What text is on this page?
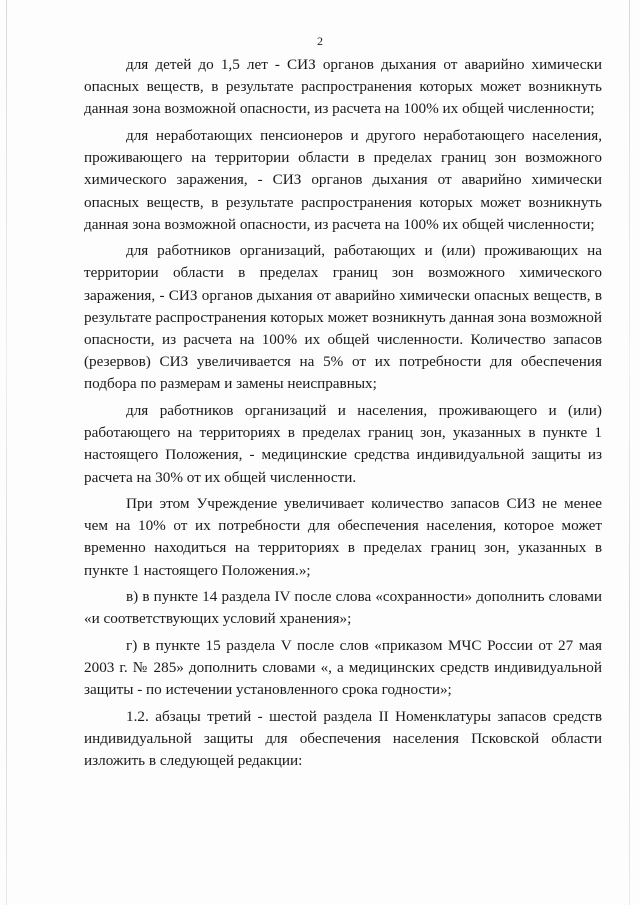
2

для детей до 1,5 лет - СИЗ органов дыхания от аварийно химически опасных веществ, в результате распространения которых может возникнуть данная зона возможной опасности, из расчета на 100% их общей численности;

для неработающих пенсионеров и другого неработающего населения, проживающего на территории области в пределах границ зон возможного химического заражения, - СИЗ органов дыхания от аварийно химически опасных веществ, в результате распространения которых может возникнуть данная зона возможной опасности, из расчета на 100% их общей численности;

для работников организаций, работающих и (или) проживающих на территории области в пределах границ зон возможного химического заражения, - СИЗ органов дыхания от аварийно химически опасных веществ, в результате распространения которых может возникнуть данная зона возможной опасности, из расчета на 100% их общей численности. Количество запасов (резервов) СИЗ увеличивается на 5% от их потребности для обеспечения подбора по размерам и замены неисправных;

для работников организаций и населения, проживающего и (или) работающего на территориях в пределах границ зон, указанных в пункте 1 настоящего Положения, - медицинские средства индивидуальной защиты из расчета на 30% от их общей численности.

При этом Учреждение увеличивает количество запасов СИЗ не менее чем на 10% от их потребности для обеспечения населения, которое может временно находиться на территориях в пределах границ зон, указанных в пункте 1 настоящего Положения.»;

в) в пункте 14 раздела IV после слова «сохранности» дополнить словами «и соответствующих условий хранения»;

г) в пункте 15 раздела V после слов «приказом МЧС России от 27 мая 2003 г. № 285» дополнить словами «, а медицинских средств индивидуальной защиты - по истечении установленного срока годности»;

1.2. абзацы третий - шестой раздела II Номенклатуры запасов средств индивидуальной защиты для обеспечения населения Псковской области изложить в следующей редакции:
